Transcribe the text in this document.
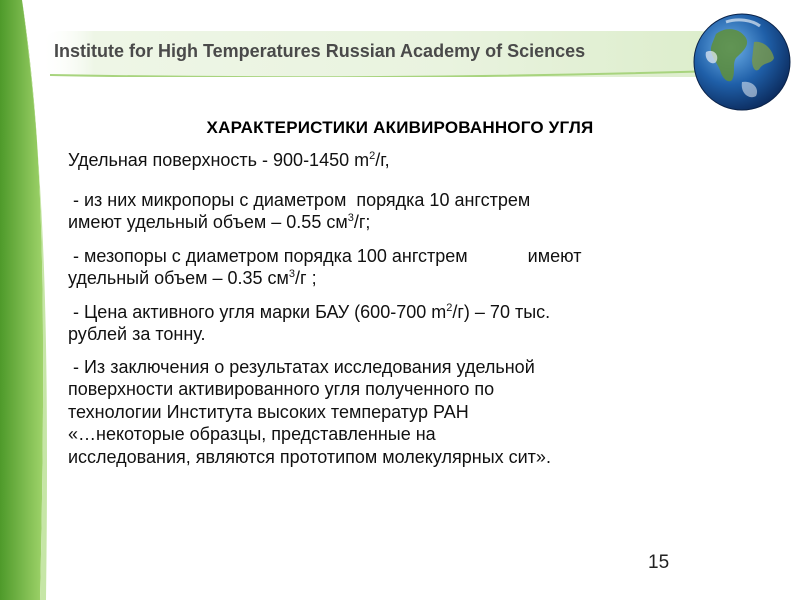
Institute for High Temperatures Russian Academy of Sciences
ХАРАКТЕРИСТИКИ АКИВИРОВАННОГО УГЛЯ
Удельная поверхность - 900-1450 $m^2/г$,
- из них микропоры с диаметром  порядка 10 ангстрем
имеют удельный объем – 0.55 $см^3/г$;
- мезопоры с диаметром порядка 100 ангстрем	имеют
удельный объем – 0.35 $см^3/г$ ;
- Цена активного угля марки БАУ (600-700 $m^2/г) - 70$ тыс.
рублей за тонну.
- Из заключения о результатах исследования удельной
поверхности активированного угля полученного по
технологии Института высоких температур РАН
«…некоторые образцы, представленные на
исследования, являются прототипом молекулярных сит».
15
